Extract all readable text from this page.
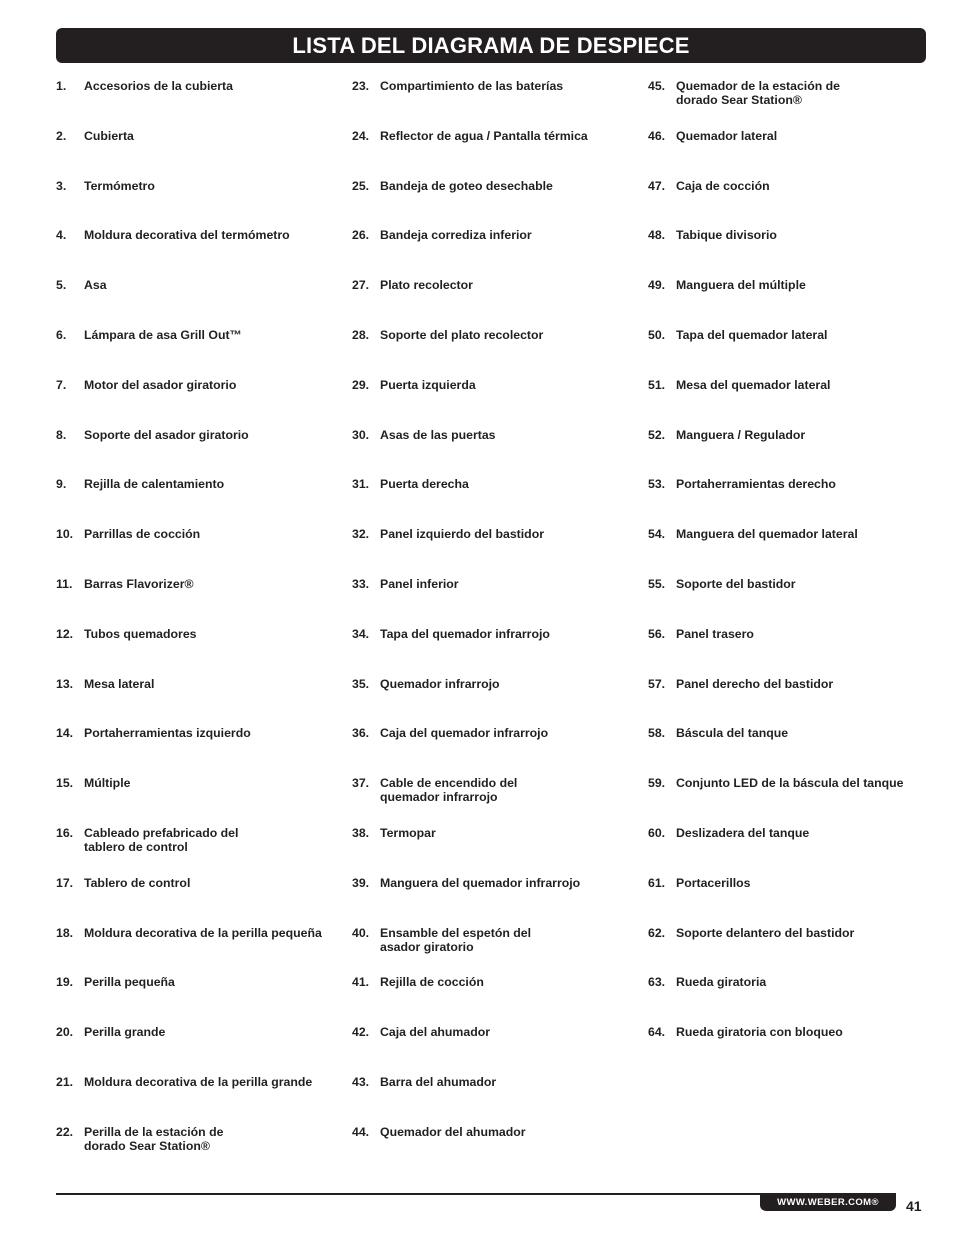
LISTA DEL DIAGRAMA DE DESPIECE
1. Accesorios de la cubierta
2. Cubierta
3. Termómetro
4. Moldura decorativa del termómetro
5. Asa
6. Lámpara de asa Grill Out™
7. Motor del asador giratorio
8. Soporte del asador giratorio
9. Rejilla de calentamiento
10. Parrillas de cocción
11. Barras Flavorizer®
12. Tubos quemadores
13. Mesa lateral
14. Portaherramientas izquierdo
15. Múltiple
16. Cableado prefabricado del
tablero de control
17. Tablero de control
18. Moldura decorativa de la perilla pequeña
19. Perilla pequeña
20. Perilla grande
21. Moldura decorativa de la perilla grande
22. Perilla de la estación de
dorado Sear Station®
23. Compartimiento de las baterías
24. Reflector de agua / Pantalla térmica
25. Bandeja de goteo desechable
26. Bandeja corrediza inferior
27. Plato recolector
28. Soporte del plato recolector
29. Puerta izquierda
30. Asas de las puertas
31. Puerta derecha
32. Panel izquierdo del bastidor
33. Panel inferior
34. Tapa del quemador infrarrojo
35. Quemador infrarrojo
36. Caja del quemador infrarrojo
37. Cable de encendido del
quemador infrarrojo
38. Termopar
39. Manguera del quemador infrarrojo
40. Ensamble del espetón del
asador giratorio
41. Rejilla de cocción
42. Caja del ahumador
43. Barra del ahumador
44. Quemador del ahumador
45. Quemador de la estación de
dorado Sear Station®
46. Quemador lateral
47. Caja de cocción
48. Tabique divisorio
49. Manguera del múltiple
50. Tapa del quemador lateral
51. Mesa del quemador lateral
52. Manguera / Regulador
53. Portaherramientas derecho
54. Manguera del quemador lateral
55. Soporte del bastidor
56. Panel trasero
57. Panel derecho del bastidor
58. Báscula del tanque
59. Conjunto LED de la báscula del tanque
60. Deslizadera del tanque
61. Portacerillos
62. Soporte delantero del bastidor
63. Rueda giratoria
64. Rueda giratoria con bloqueo
WWW.WEBER.COM® 41
